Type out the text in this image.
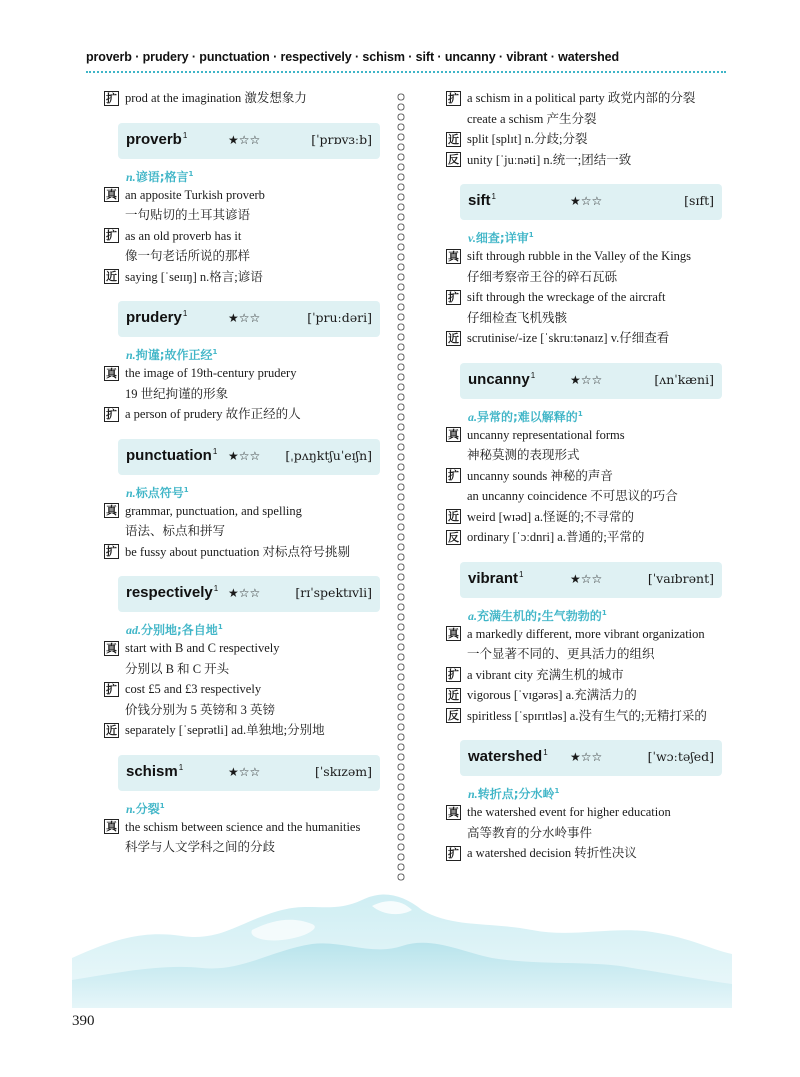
proverb · prudery · punctuation · respectively · schism · sift · uncanny · vibrant · watershed
扩 prod at the imagination 激发想象力
proverb$^1$	★☆☆	[ˈprɒvɜːb]
n.谚语;格言$^1$
真 an apposite Turkish proverb
一句贴切的土耳其谚语
扩 as an old proverb has it
像一句老话所说的那样
近 saying [ˈseɪɪŋ] n.格言;谚语
prudery$^1$	★☆☆	[ˈpruːdəri]
n.拘谨;故作正经$^1$
真 the image of 19th-century prudery
19 世纪拘谨的形象
扩 a person of prudery 故作正经的人
punctuation$^1$ ★☆☆ [ˌpʌŋktʃuˈeɪʃn]
n.标点符号$^1$
真 grammar, punctuation, and spelling
语法、标点和拼写
扩 be fussy about punctuation 对标点符号挑剔
respectively$^1$ ★☆☆	[rɪˈspektɪvli]
ad.分别地;各自地$^1$
真 start with B and C respectively
分别以 B 和 C 开头
扩 cost £5 and £3 respectively
价钱分别为 5 英镑和 3 英镑
近 separately [ˈseprətli] ad.单独地;分别地
schism$^1$	★☆☆	[ˈskɪzəm]
n.分裂$^1$
真 the schism between science and the humanities
科学与人文学科之间的分歧
扩 a schism in a political party 政党内部的分裂
create a schism 产生分裂
近 split [splɪt] n.分歧;分裂
反 unity [ˈjuːnəti] n.统一;团结一致
sift$^1$	★☆☆	[sɪft]
v.细查;详审$^1$
真 sift through rubble in the Valley of the Kings
仔细考察帝王谷的碎石瓦砾
扩 sift through the wreckage of the aircraft
仔细检查飞机残骸
近 scrutinise/-ize [ˈskruːtənaɪz] v.仔细查看
uncanny$^1$	★☆☆	[ʌnˈkæni]
a.异常的;难以解释的$^1$
真 uncanny representational forms
神秘莫测的表现形式
扩 uncanny sounds 神秘的声音
an uncanny coincidence 不可思议的巧合
近 weird [wɪəd] a.怪诞的;不寻常的
反 ordinary [ˈɔːdnri] a.普通的;平常的
vibrant$^1$	★☆☆	[ˈvaɪbrənt]
a.充满生机的;生气勃勃的$^1$
真 a markedly different, more vibrant organization
一个显著不同的、更具活力的组织
扩 a vibrant city 充满生机的城市
近 vigorous [ˈvɪgərəs] a.充满活力的
反 spiritless [ˈspɪrɪtləs] a.没有生气的;无精打采的
watershed$^1$ ★☆☆	[ˈwɔːtəʃed]
n.转折点;分水岭$^1$
真 the watershed event for higher education
高等教育的分水岭事件
扩 a watershed decision 转折性决议
390
